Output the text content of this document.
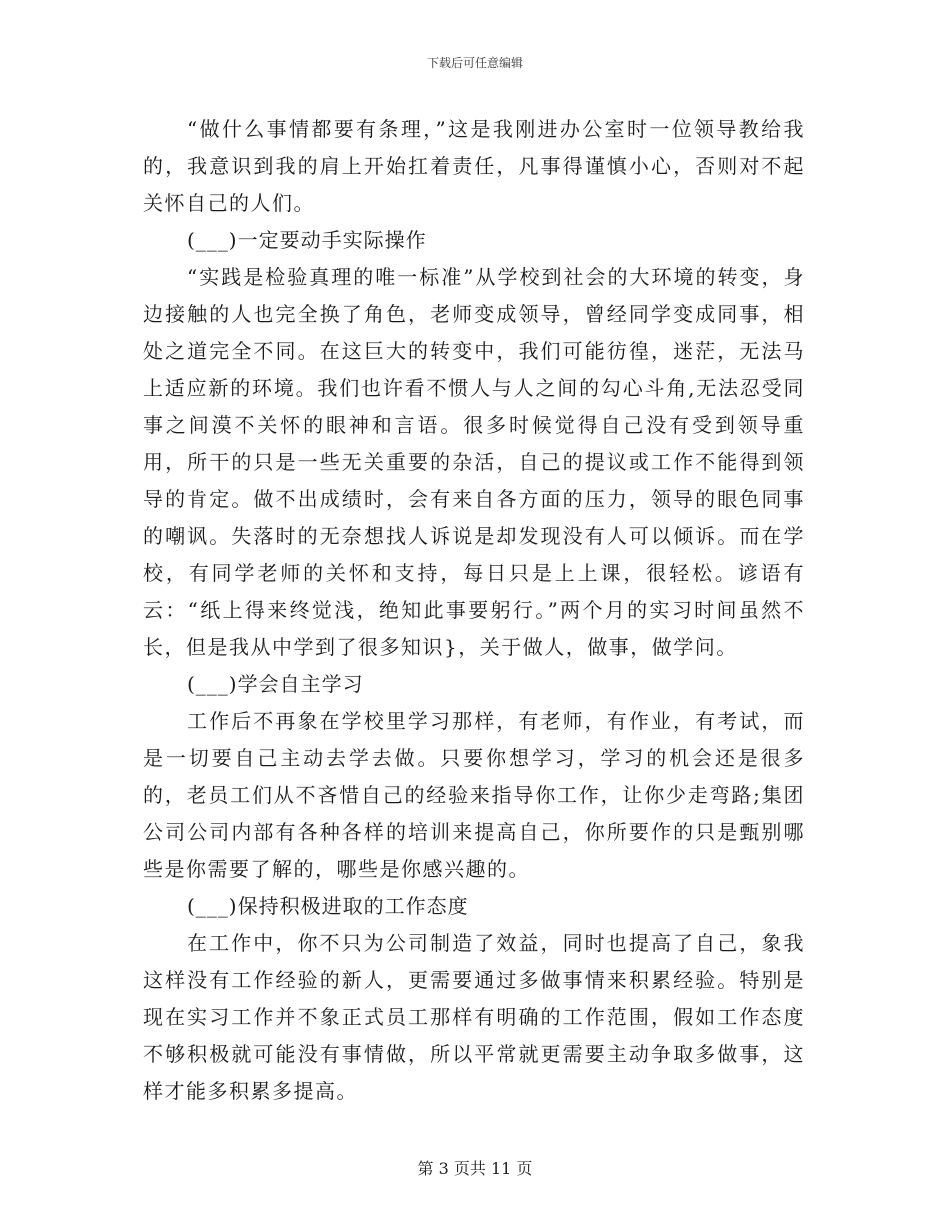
下载后可任意编辑

“做什么事情都要有条理，”这是我刚进办公室时一位领导教给我的，我意识到我的肩上开始扛着责任，凡事得谨慎小心，否则对不起关怀自己的人们。

(___)一定要动手实际操作

“实践是检验真理的唯一标准”从学校到社会的大环境的转变，身边接触的人也完全换了角色，老师变成领导，曾经同学变成同事，相处之道完全不同。在这巨大的转变中，我们可能彷徨，迷茫，无法马上适应新的环境。我们也许看不惯人与人之间的勾心斗角,无法忍受同事之间漠不关怀的眼神和言语。很多时候觉得自己没有受到领导重用，所干的只是一些无关重要的杂活，自己的提议或工作不能得到领导的肯定。做不出成绩时，会有来自各方面的压力，领导的眼色同事的嘲讽。失落时的无奈想找人诉说是却发现没有人可以倾诉。而在学校，有同学老师的关怀和支持，每日只是上上课，很轻松。谚语有云：“纸上得来终觉浅，绝知此事要躬行。”两个月的实习时间虽然不长，但是我从中学到了很多知识}，关于做人，做事，做学问。

(___)学会自主学习

工作后不再象在学校里学习那样，有老师，有作业，有考试，而是一切要自己主动去学去做。只要你想学习，学习的机会还是很多的，老员工们从不吝惜自己的经验来指导你工作，让你少走弯路;集团公司公司内部有各种各样的培训来提高自己，你所要作的只是甄别哪些是你需要了解的，哪些是你感兴趣的。

(___)保持积极进取的工作态度

在工作中，你不只为公司制造了效益，同时也提高了自己，象我这样没有工作经验的新人，更需要通过多做事情来积累经验。特别是现在实习工作并不象正式员工那样有明确的工作范围，假如工作态度不够积极就可能没有事情做，所以平常就更需要主动争取多做事，这样才能多积累多提高。

第 3 页共 11 页
